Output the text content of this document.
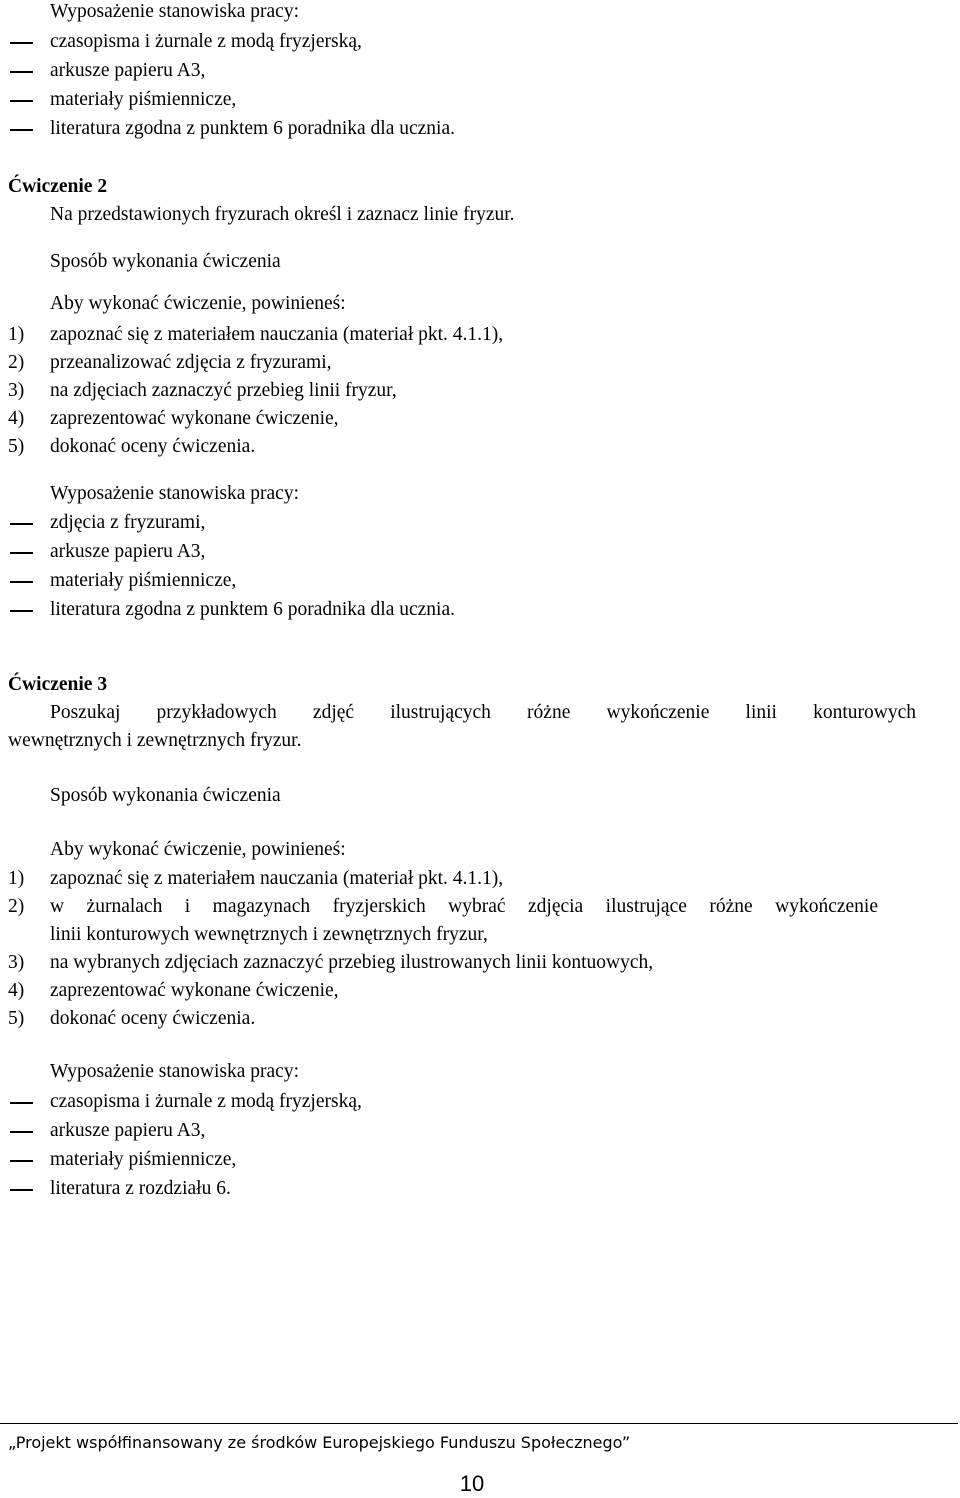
Wyposażenie stanowiska pracy:
czasopisma i żurnale z modą fryzjerską,
arkusze papieru A3,
materiały piśmiennicze,
literatura zgodna z punktem 6 poradnika dla ucznia.
Ćwiczenie 2
Na przedstawionych fryzurach określ i zaznacz linie fryzur.
Sposób wykonania ćwiczenia
Aby wykonać ćwiczenie, powinieneś:
1) zapoznać się z materiałem nauczania (materiał pkt. 4.1.1),
2) przeanalizować zdjęcia z fryzurami,
3) na zdjęciach zaznaczyć przebieg linii fryzur,
4) zaprezentować wykonane ćwiczenie,
5) dokonać oceny ćwiczenia.
Wyposażenie stanowiska pracy:
zdjęcia z fryzurami,
arkusze papieru A3,
materiały piśmiennicze,
literatura zgodna z punktem 6 poradnika dla ucznia.
Ćwiczenie 3
Poszukaj przykładowych zdjęć ilustrujących różne wykończenie linii konturowych
wewnętrznych i zewnętrznych fryzur.
Sposób wykonania ćwiczenia
Aby wykonać ćwiczenie, powinieneś:
1) zapoznać się z materiałem nauczania (materiał pkt. 4.1.1),
2) w żurnalach i magazynach fryzjerskich wybrać zdjęcia ilustrujące różne wykończenie
linii konturowych wewnętrznych i zewnętrznych fryzur,
3) na wybranych zdjęciach zaznaczyć przebieg ilustrowanych linii kontuowych,
4) zaprezentować wykonane ćwiczenie,
5) dokonać oceny ćwiczenia.
Wyposażenie stanowiska pracy:
czasopisma i żurnale z modą fryzjerską,
arkusze papieru A3,
materiały piśmiennicze,
literatura z rozdziału 6.
„Projekt współfinansowany ze środków Europejskiego Funduszu Społecznego”
10
